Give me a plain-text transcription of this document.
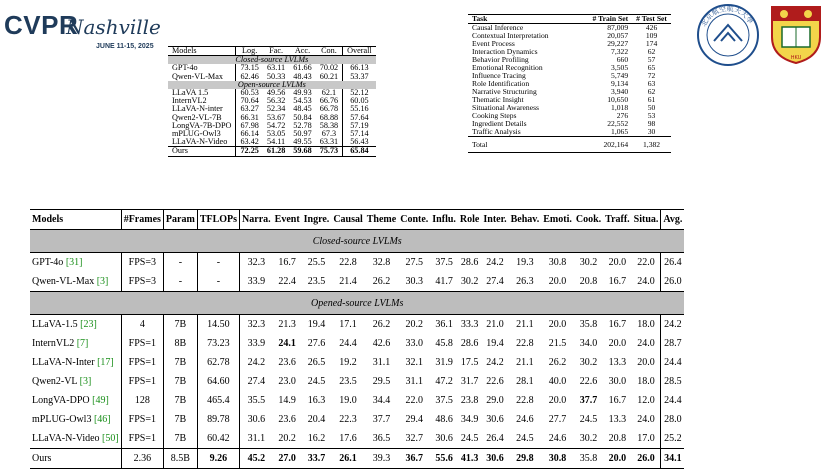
CVPR
Nashville
JUNE 11-15, 2025 Models	Log.	Fac.	Acc.	Con.	Overall
Closed-source LVLMs					
GPT-4o	73.15	63.11	61.66	70.02	66.13
Qwen-VL-Max	62.46	50.33	48.43	60.21	53.37
Open-source LVLMs					
LLaVA 1.5	60.53	49.56	49.93	62.1	52.12
InternVL2	70.64	56.32	54.53	66.76	60.05
LLaVA-N-inter	63.27	52.34	48.45	66.78	55.16
Qwen2-VL-7B	66.31	53.67	50.84	68.88	57.64
LongVA-7B-DPO	67.98	54.72	52.78	58.38	57.19
mPLUG-Owl3	66.14	53.05	50.97	67.3	57.14
LLaVA-N-Video	63.42	54.11	49.55	63.31	56.43
Ours	72.25	61.28	59.68	75.73	65.84
Task	# Train Set	# Test Set
Causal Inference	87,009	426
Contextual Interpretation	20,057	109
Event Process	29,227	174
Interaction Dynamics	7,322	62
Behavior Profiling	660	57
Emotional Recognition	3,505	65
Influence Tracing	5,749	72
Role Identification	9,134	63
Narrative Structuring	3,940	62
Thematic Insight	10,650	61
Situational Awareness	1,018	50
Cooking Steps	276	53
Ingredient Details	22,552	98
Traffic Analysis	1,065	30
Total	202,164	1,382
北京航空航天大學
HKU
Models	#Frames	Param	TFLOPs	Narra.	Event	Ingre.	Causal	Theme	Conte.	Influ.	Role	Inter.	Behav.	Emoti.	Cook.	Traff.	Situa.	Avg.
Closed-source LVLMs																		
GPT-4o [31]	FPS=3	-	-	32.3	16.7	25.5	22.8	32.8	27.5	37.5	28.6	24.2	19.3	30.8	30.2	20.0	22.0	26.4
Qwen-VL-Max [3]	FPS=3	-	-	33.9	22.4	23.5	21.4	26.2	30.3	41.7	30.2	27.4	26.3	20.0	20.8	16.7	24.0	26.0
Opened-source LVLMs																		
LLaVA-1.5 [23]	4	7B	14.50	32.3	21.3	19.4	17.1	26.2	20.2	36.1	33.3	21.0	21.1	20.0	35.8	16.7	18.0	24.2
InternVL2 [7]	FPS=1	8B	73.23	33.9	24.1	27.6	24.4	42.6	33.0	45.8	28.6	19.4	22.8	21.5	34.0	20.0	24.0	28.7
LLaVA-N-Inter [17]	FPS=1	7B	62.78	24.2	23.6	26.5	19.2	31.1	32.1	31.9	17.5	24.2	21.1	26.2	30.2	13.3	20.0	24.4
Qwen2-VL [3]	FPS=1	7B	64.60	27.4	23.0	24.5	23.5	29.5	31.1	47.2	31.7	22.6	28.1	40.0	22.6	30.0	18.0	28.5
LongVA-DPO [49]	128	7B	465.4	35.5	14.9	16.3	19.0	34.4	22.0	37.5	23.8	29.0	22.8	20.0	37.7	16.7	12.0	24.4
mPLUG-Owl3 [46]	FPS=1	7B	89.78	30.6	23.6	20.4	22.3	37.7	29.4	48.6	34.9	30.6	24.6	27.7	24.5	13.3	24.0	28.0
LLaVA-N-Video [50]	FPS=1	7B	60.42	31.1	20.2	16.2	17.6	36.5	32.7	30.6	24.5	26.4	24.5	24.6	30.2	20.8	17.0	25.2
Ours	2.36	8.5B	9.26	45.2	27.0	33.7	26.1	39.3	36.7	55.6	41.3	30.6	29.8	30.8	35.8	20.0	26.0	34.1
